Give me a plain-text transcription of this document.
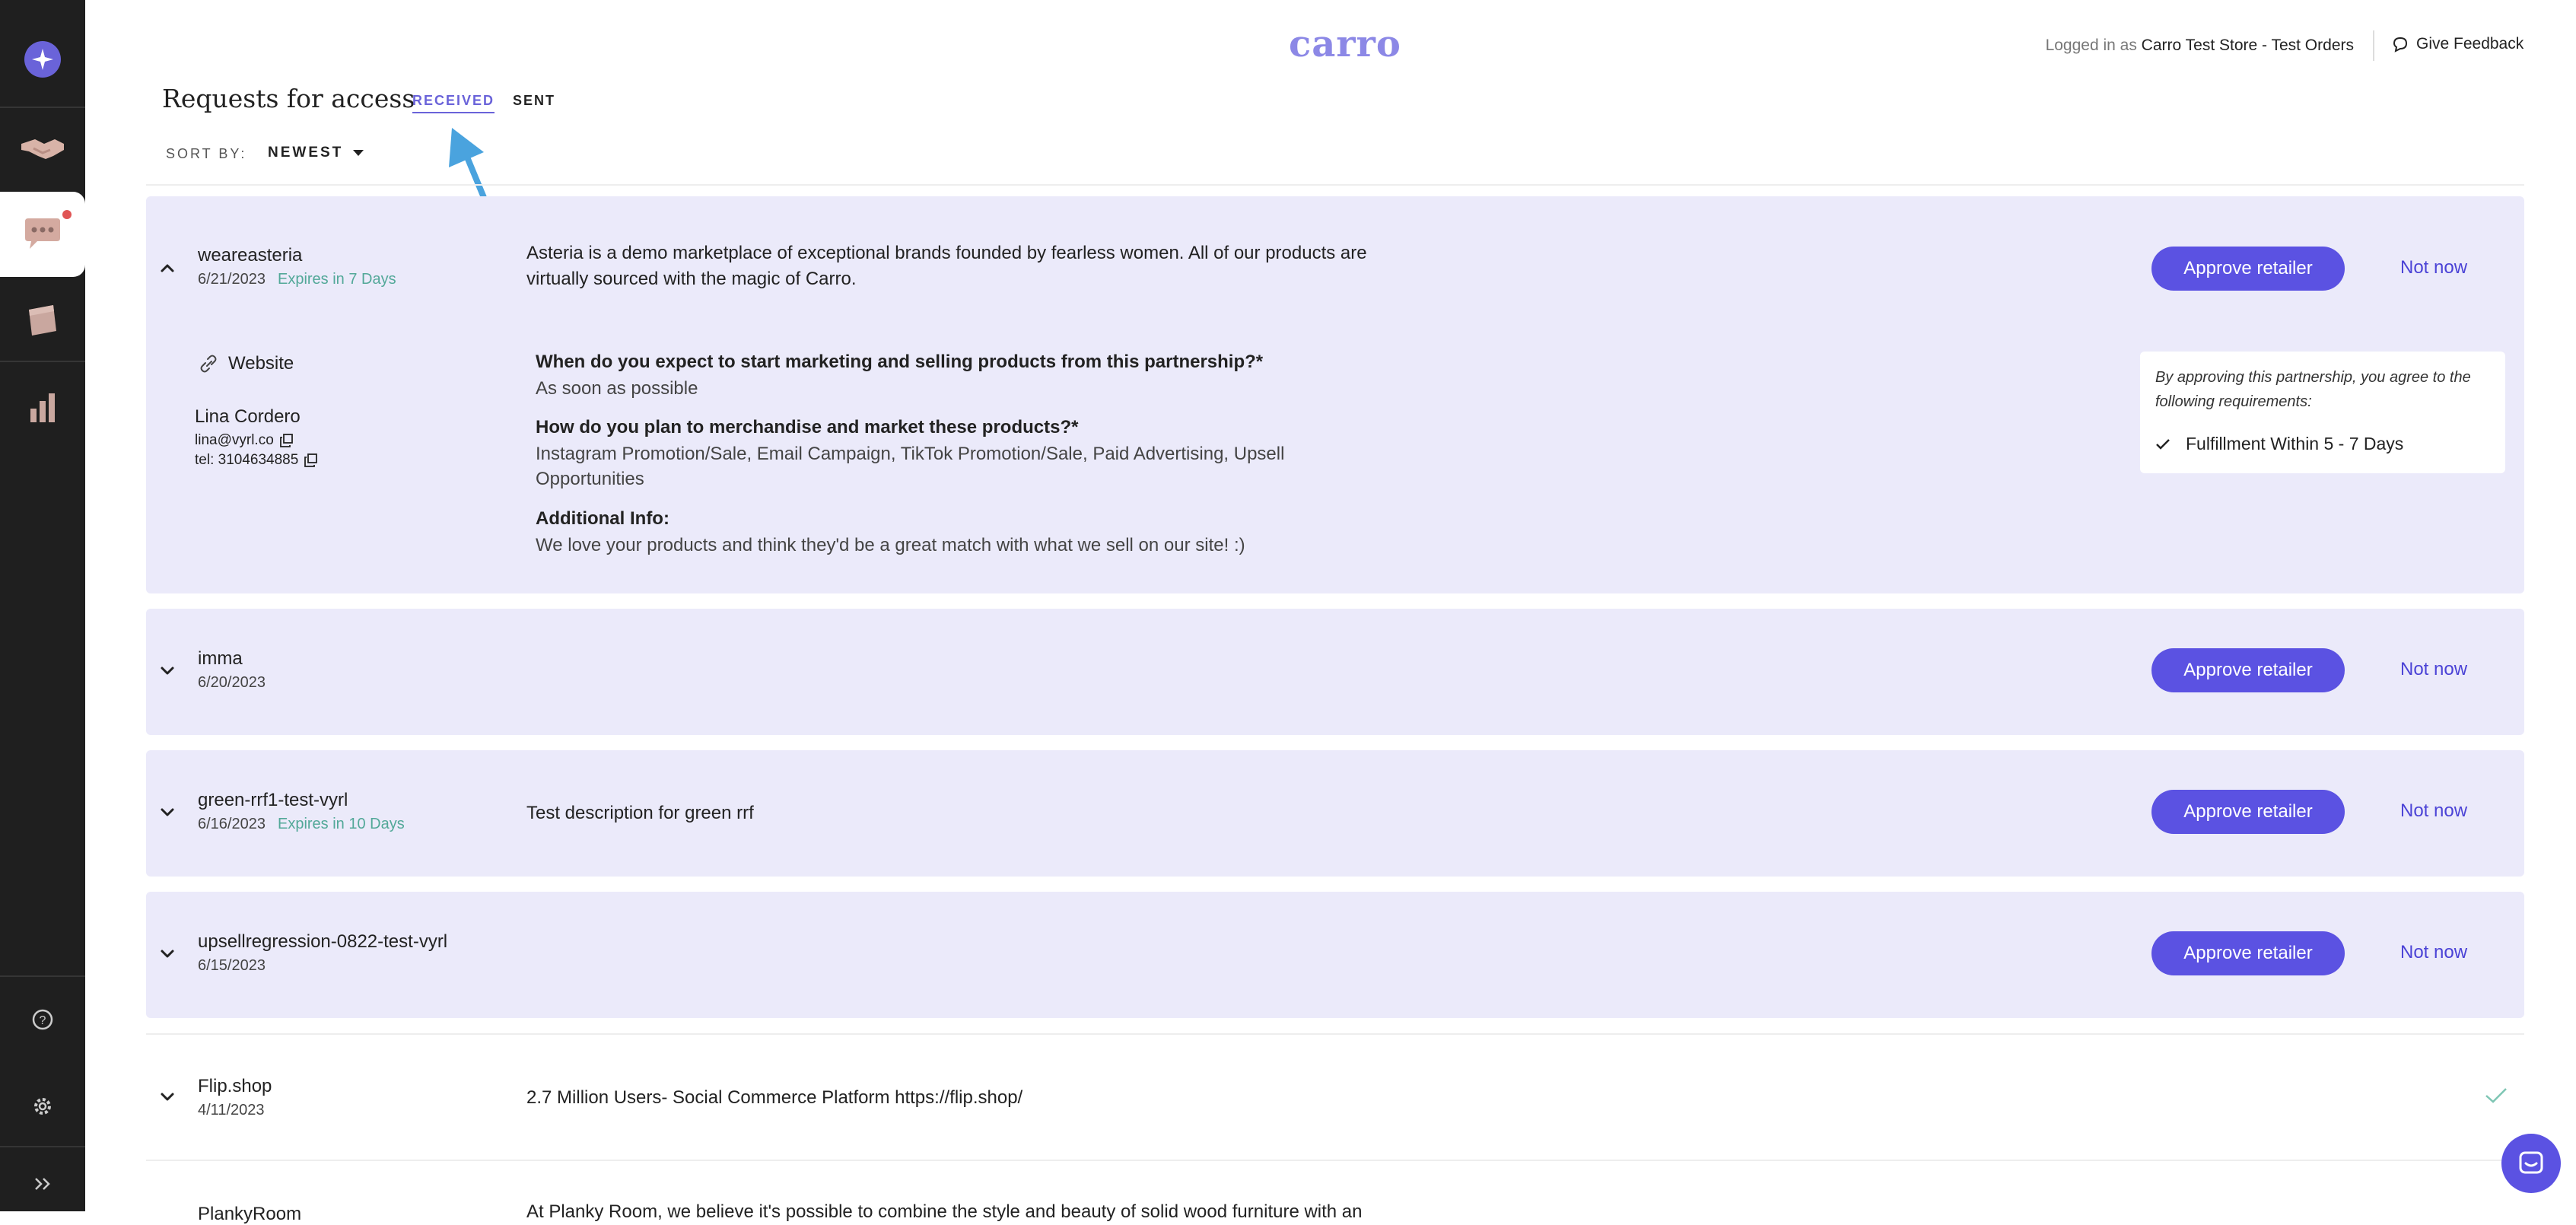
?
carro	Logged in as Carro Test Store - Test Orders	Give Feedback
Requests for access
RECEIVED SENT
SORT BY: NEWEST
weareasteria
6/21/2023 Expires in 7 Days
Asteria is a demo marketplace of exceptional brands founded by fearless women. All of our products are virtually sourced with the magic of Carro.
Approve retailer	Not now
Website
Lina Cordero
lina@vyrl.co
tel: 3104634885
When do you expect to start marketing and selling products from this partnership?*
As soon as possible
How do you plan to merchandise and market these products?*
Instagram Promotion/Sale, Email Campaign, TikTok Promotion/Sale, Paid Advertising, Upsell Opportunities
Additional Info:
We love your products and think they'd be a great match with what we sell on our site! :)
By approving this partnership, you agree to the following requirements:
Fulfillment Within 5 - 7 Days
imma
6/20/2023
Approve retailer	Not now
green-rrf1-test-vyrl
6/16/2023 Expires in 10 Days
Test description for green rrf	Approve retailer	Not now
upsellregression-0822-test-vyrl
6/15/2023
Approve retailer	Not now
Flip.shop
4/11/2023
2.7 Million Users- Social Commerce Platform https://flip.shop/
PlankyRoom	At Planky Room, we believe it's possible to combine the style and beauty of solid wood furniture with an
